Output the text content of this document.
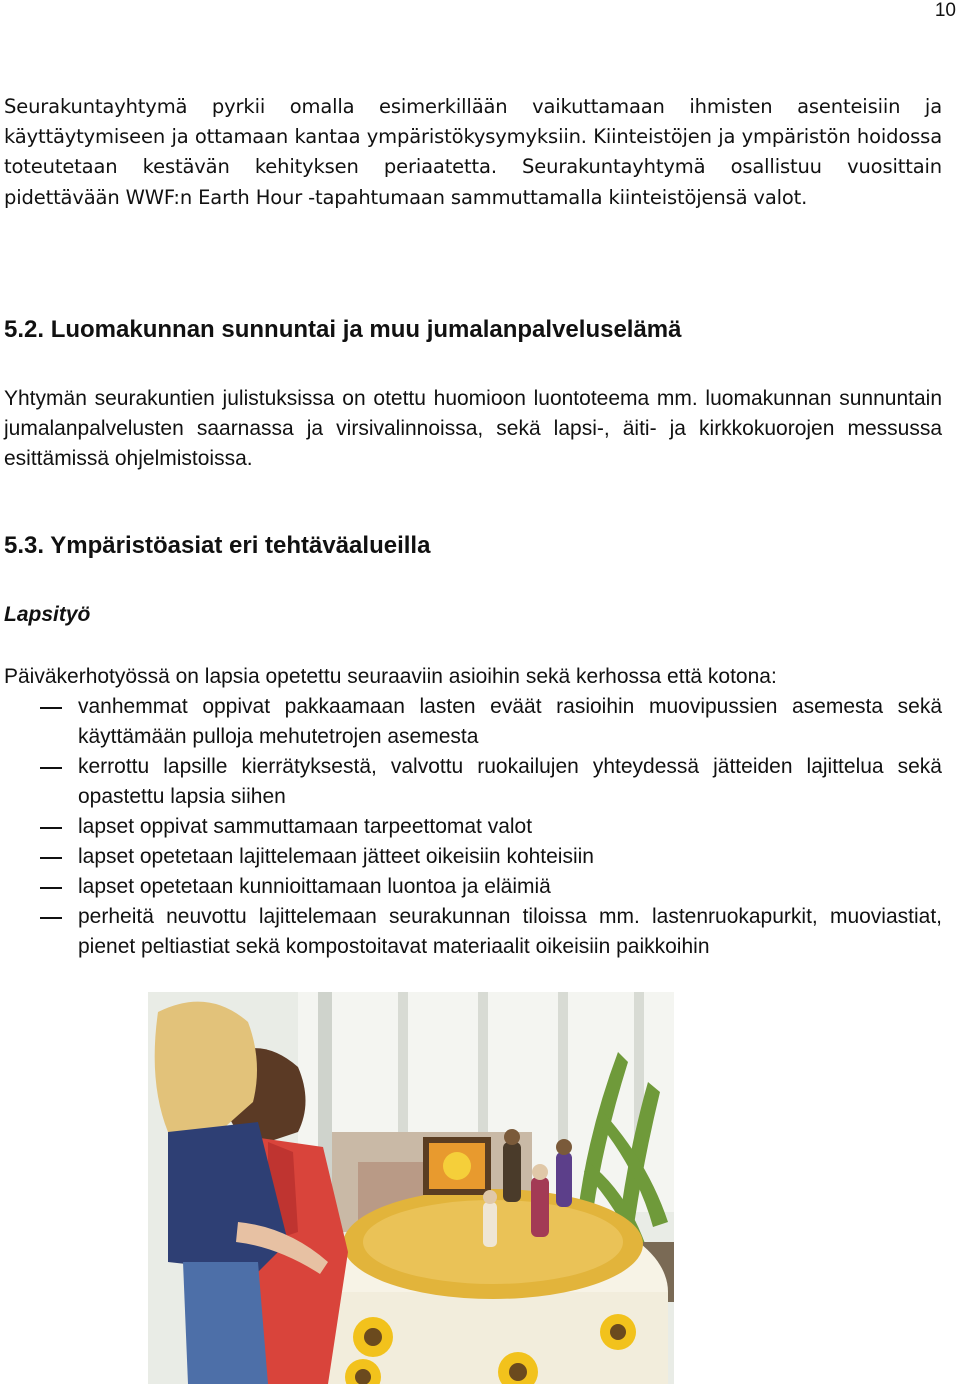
10

Seurakuntayhtymä pyrkii omalla esimerkillään vaikuttamaan ihmisten asenteisiin ja käyttäytymiseen ja ottamaan kantaa ympäristökysymyksiin. Kiinteistöjen ja ympäristön hoidossa toteutetaan kestävän kehityksen periaatetta. Seurakuntayhtymä osallistuu vuosittain pidettävään WWF:n Earth Hour -tapahtumaan sammuttamalla kiinteistöjensä valot.

5.2. Luomakunnan sunnuntai ja muu jumalanpalveluselämä

Yhtymän seurakuntien julistuksissa on otettu huomioon luontoteema mm. luomakunnan sunnuntain jumalanpalvelusten saarnassa ja virsivalinnoissa, sekä lapsi-, äiti- ja kirkkokuorojen messussa esittämissä ohjelmistoissa.

5.3. Ympäristöasiat eri tehtäväalueilla
Lapsityö

Päiväkerhotyössä on lapsia opetettu seuraaviin asioihin sekä kerhossa että kotona:

vanhemmat oppivat pakkaamaan lasten eväät rasioihin muovipussien asemesta sekä käyttämään pulloja mehutetrojen asemesta
kerrottu lapsille kierrätyksestä, valvottu ruokailujen yhteydessä jätteiden lajittelua sekä opastettu lapsia siihen
lapset oppivat sammuttamaan tarpeettomat valot
lapset opetetaan lajittelemaan jätteet oikeisiin kohteisiin
lapset opetetaan kunnioittamaan luontoa ja eläimiä
perheitä neuvottu lajittelemaan seurakunnan tiloissa mm. lastenruokapurkit, muoviastiat, pienet peltiastiat sekä kompostoitavat materiaalit oikeisiin paikkoihin
